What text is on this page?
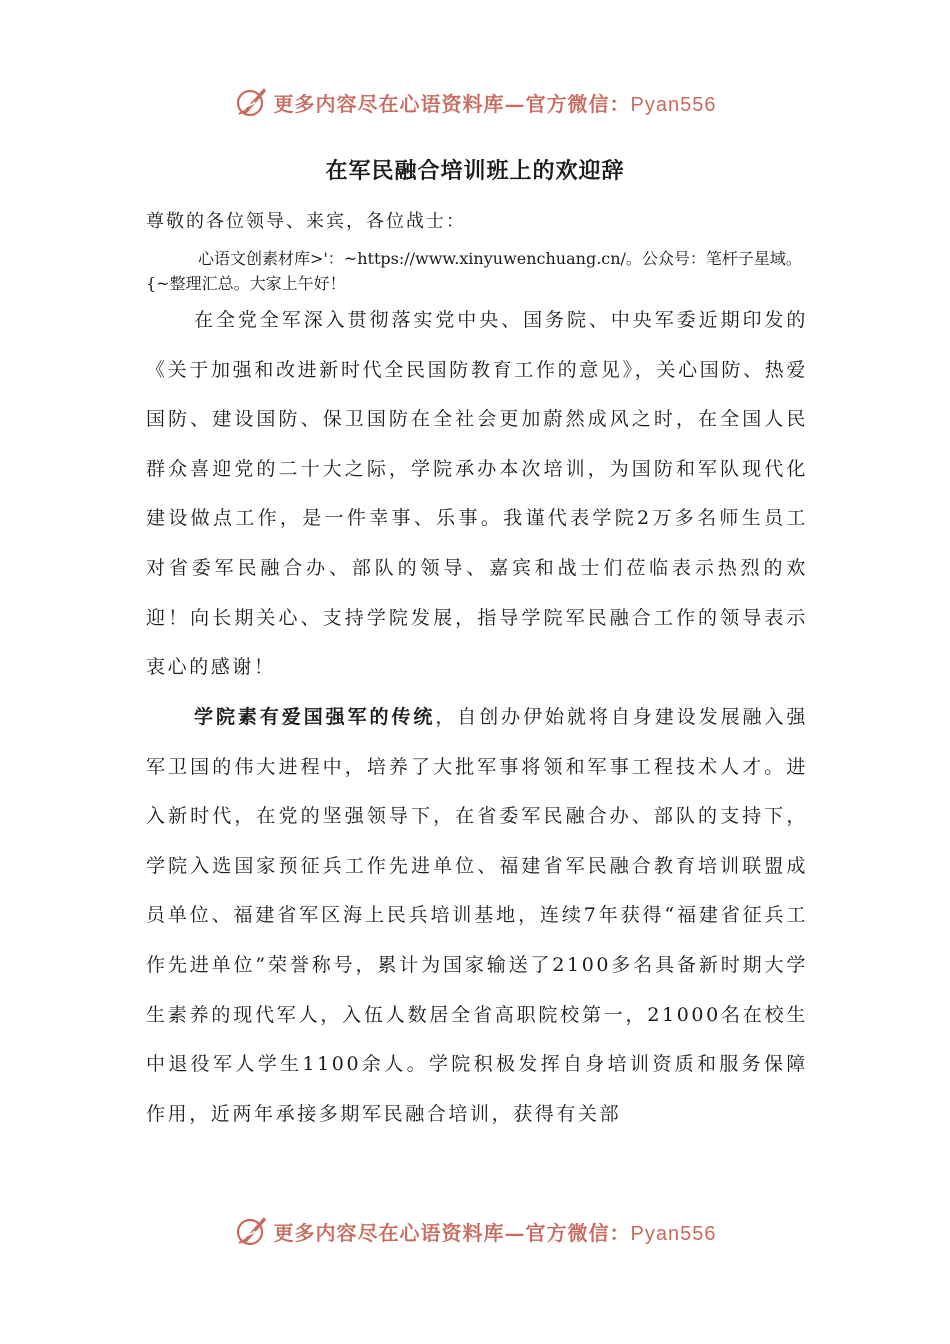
更多内容尽在心语资料库—官方微信：Pyan556
在军民融合培训班上的欢迎辞
尊敬的各位领导、来宾，各位战士：
心语文创素材库>'：~https://www.xinyuwenchuang.cn/。公众号：笔杆子星域。{~整理汇总。大家上午好！
在全党全军深入贯彻落实党中央、国务院、中央军委近期印发的《关于加强和改进新时代全民国防教育工作的意见》，关心国防、热爱国防、建设国防、保卫国防在全社会更加蔚然成风之时，在全国人民群众喜迎党的二十大之际，学院承办本次培训，为国防和军队现代化建设做点工作，是一件幸事、乐事。我谨代表学院2万多名师生员工对省委军民融合办、部队的领导、嘉宾和战士们莅临表示热烈的欢迎！向长期关心、支持学院发展，指导学院军民融合工作的领导表示衷心的感谢！
学院素有爱国强军的传统，自创办伊始就将自身建设发展融入强军卫国的伟大进程中，培养了大批军事将领和军事工程技术人才。进入新时代，在党的坚强领导下，在省委军民融合办、部队的支持下，学院入选国家预征兵工作先进单位、福建省军民融合教育培训联盟成员单位、福建省军区海上民兵培训基地，连续7年获得“福建省征兵工作先进单位”荣誉称号，累计为国家输送了2100多名具备新时期大学生素养的现代军人，入伍人数居全省高职院校第一，21000名在校生中退役军人学生1100余人。学院积极发挥自身培训资质和服务保障作用，近两年承接多期军民融合培训，获得有关部
更多内容尽在心语资料库—官方微信：Pyan556
